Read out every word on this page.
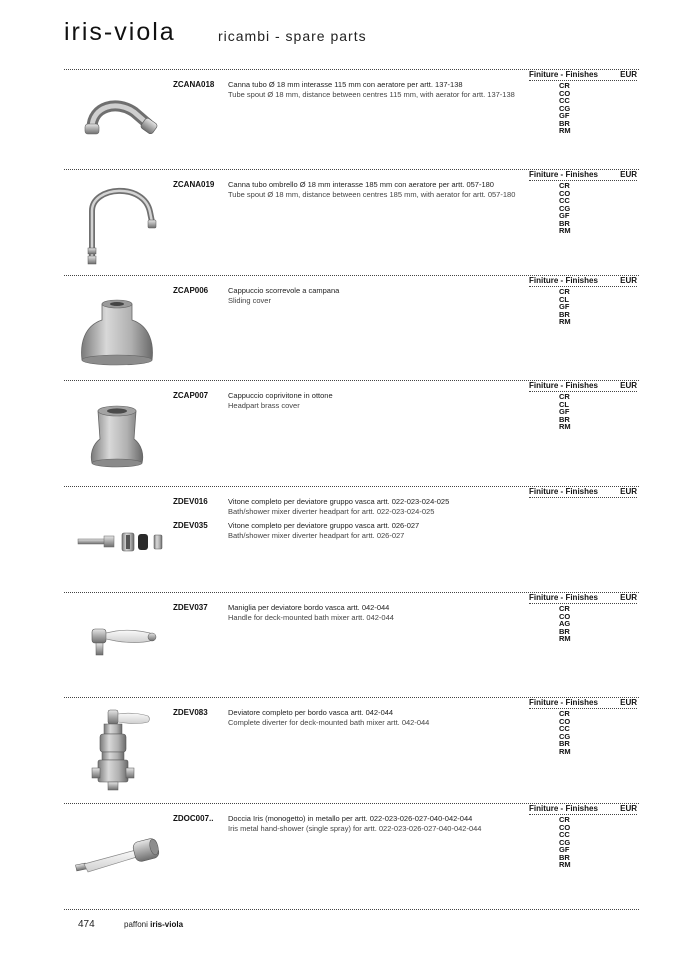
iris-viola	ricambi - spare parts
Finiture - Finishes	EUR
ZCANA018 Canna tubo Ø 18 mm interasse 115 mm con aeratore per artt. 137-138
Tube spout Ø 18 mm, distance between centres 115 mm, with aerator for artt. 137-138
CR
CO
CC
CG
GF
BR
RM
Finiture - Finishes	EUR
ZCANA019 Canna tubo ombrello Ø 18 mm interasse 185 mm con aeratore per artt. 057-180
Tube spout Ø 18 mm, distance between centres 185 mm, with aerator for artt. 057-180
CR
CO
CC
CG
GF
BR
RM
Finiture - Finishes	EUR
ZCAP006	Cappuccio scorrevole a campana
Sliding cover
CR
CL
GF
BR
RM
Finiture - Finishes	EUR
ZCAP007	Cappuccio coprivitone in ottone
Headpart brass cover
CR
CL
GF
BR
RM
Finiture - Finishes	EUR
ZDEV016	Vitone completo per deviatore gruppo vasca artt. 022-023-024-025
Bath/shower mixer diverter headpart for artt. 022-023-024-025
ZDEV035	Vitone completo per deviatore gruppo vasca artt. 026-027
Bath/shower mixer diverter headpart for artt. 026-027
Finiture - Finishes	EUR
ZDEV037	Maniglia per deviatore bordo vasca artt. 042-044
Handle for deck-mounted bath mixer artt. 042-044
CR
CO
AG
BR
RM
Finiture - Finishes	EUR
ZDEV083	Deviatore completo per bordo vasca artt. 042-044
Complete diverter for deck-mounted bath mixer artt. 042-044
CR
CO
CC
CG
BR
RM
Finiture - Finishes	EUR
ZDOC007.. Doccia Iris (monogetto) in metallo per artt. 022-023-026-027-040-042-044
Iris metal hand-shower (single spray) for artt. 022-023-026-027-040-042-044
CR
CO
CC
CG
GF
BR
RM
474	paffoni iris-viola
